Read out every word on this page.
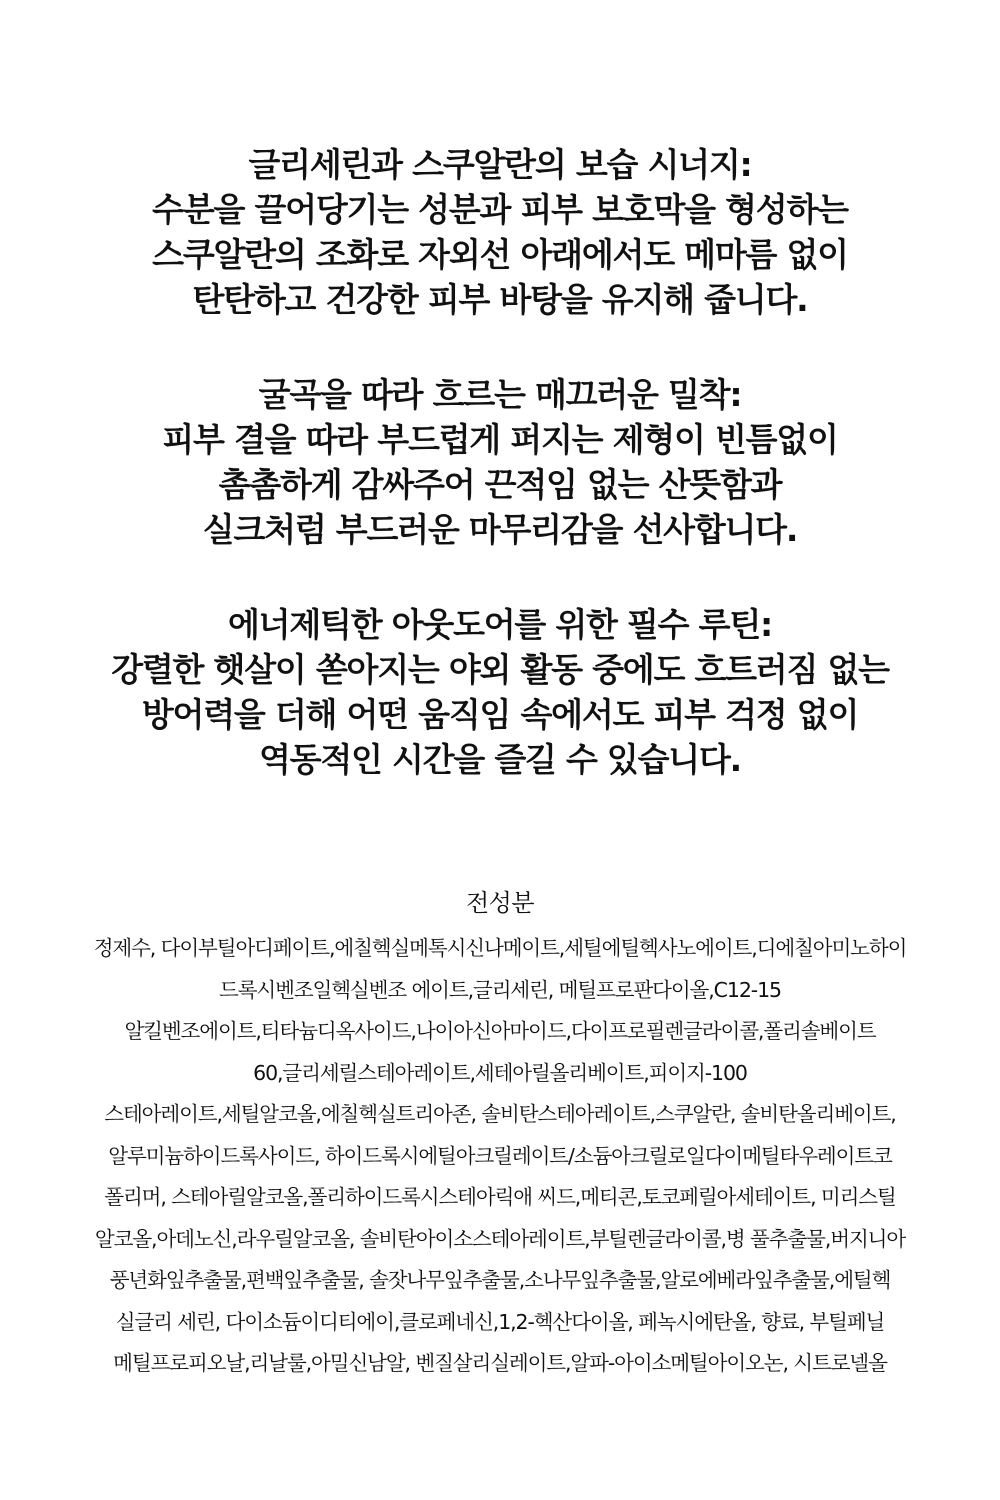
글리세린과 스쿠알란의 보습 시너지:
수분을 끌어당기는 성분과 피부 보호막을 형성하는
스쿠알란의 조화로 자외선 아래에서도 메마름 없이
탄탄하고 건강한 피부 바탕을 유지해 줍니다.
굴곡을 따라 흐르는 매끄러운 밀착:
피부 결을 따라 부드럽게 퍼지는 제형이 빈틈없이
촘촘하게 감싸주어 끈적임 없는 산뜻함과
실크처럼 부드러운 마무리감을 선사합니다.
에너제틱한 아웃도어를 위한 필수 루틴:
강렬한 햇살이 쏟아지는 야외 활동 중에도 흐트러짐 없는
방어력을 더해 어떤 움직임 속에서도 피부 걱정 없이
역동적인 시간을 즐길 수 있습니다.
전성분
정제수, 다이부틸아디페이트,에칠헥실메톡시신나메이트,세틸에틸헥사노에이트,디에칠아미노하이
드록시벤조일헥실벤조 에이트,글리세린, 메틸프로판다이올,C12-15
알킬벤조에이트,티타늄디옥사이드,나이아신아마이드,다이프로필렌글라이콜,폴리솔베이트
60,글리세릴스테아레이트,세테아릴올리베이트,피이지-100
스테아레이트,세틸알코올,에칠헥실트리아존, 솔비탄스테아레이트,스쿠알란, 솔비탄올리베이트,
알루미늄하이드록사이드, 하이드록시에틸아크릴레이트/소듐아크릴로일다이메틸타우레이트코
폴리머, 스테아릴알코올,폴리하이드록시스테아릭애 씨드,메티콘,토코페릴아세테이트, 미리스틸
알코올,아데노신,라우릴알코올, 솔비탄아이소스테아레이트,부틸렌글라이콜,병 풀추출물,버지니아
풍년화잎추출물,편백잎추출물, 솔잣나무잎추출물,소나무잎추출물,알로에베라잎추출물,에틸헥
실글리 세린, 다이소듐이디티에이,클로페네신,1,2-헥산다이올, 페녹시에탄올, 향료, 부틸페닐
메틸프로피오날,리날룰,아밀신남알, 벤질살리실레이트,알파-아이소메틸아이오논, 시트로넬올
